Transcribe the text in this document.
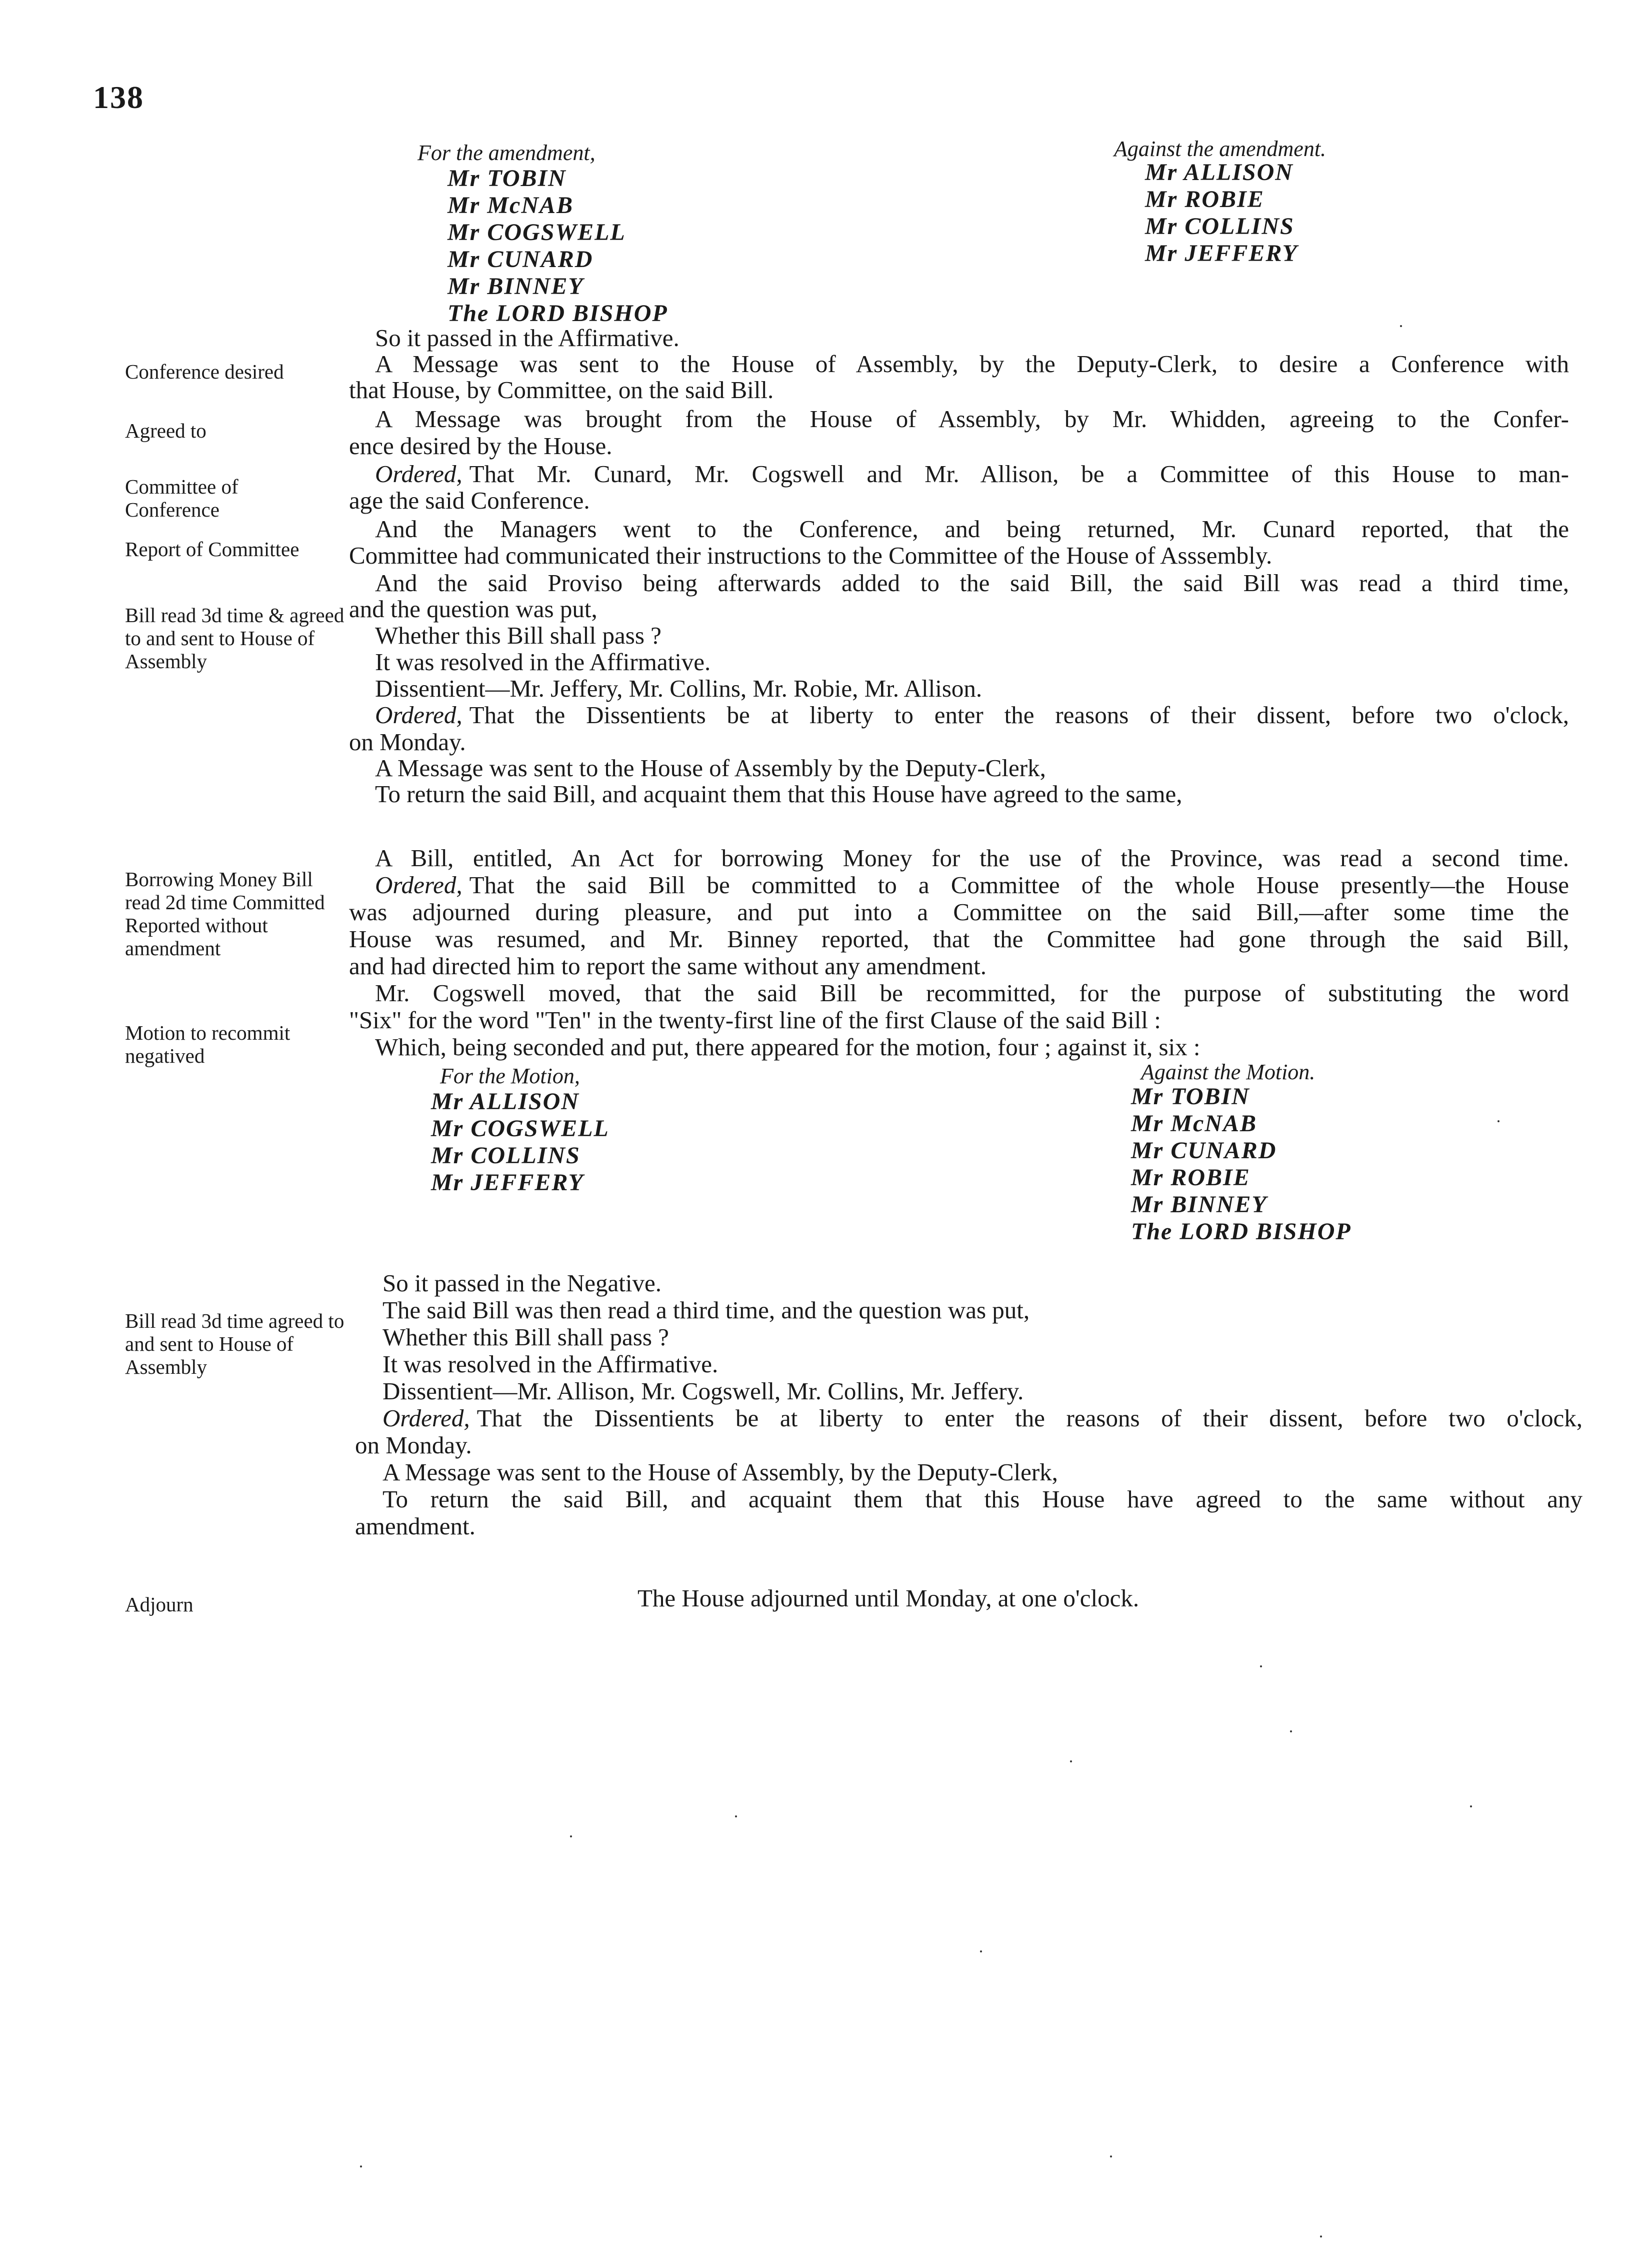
138
For the amendment,
Mr TOBIN
Mr McNAB
Mr COGSWELL
Mr CUNARD
Mr BINNEY
The LORD BISHOP
Against the amendment.
Mr ALLISON
Mr ROBIE
Mr COLLINS
Mr JEFFERY
Conference desired
Agreed to
Committee of Conference
Report of Committee
Bill read 3d time & agreed to and sent to House of Assembly
Borrowing Money Bill read 2d time Committed Reported without amendment
Motion to recommit negatived
Bill read 3d time agreed to and sent to House of Assembly
Adjourn
So it passed in the Affirmative.
A Message was sent to the House of Assembly, by the Deputy-Clerk, to desire a Conference with
that House, by Committee, on the said Bill.
A Message was brought from the House of Assembly, by Mr. Whidden, agreeing to the Confer-
ence desired by the House.
Ordered, That Mr. Cunard, Mr. Cogswell and Mr. Allison, be a Committee of this House to man-
age the said Conference.
And the Managers went to the Conference, and being returned, Mr. Cunard reported, that the
Committee had communicated their instructions to the Committee of the House of Asssembly.
And the said Proviso being afterwards added to the said Bill, the said Bill was read a third time,
and the question was put,
Whether this Bill shall pass ?
It was resolved in the Affirmative.
Dissentient—Mr. Jeffery, Mr. Collins, Mr. Robie, Mr. Allison.
Ordered, That the Dissentients be at liberty to enter the reasons of their dissent, before two o'clock,
on Monday.
A Message was sent to the House of Assembly by the Deputy-Clerk,
To return the said Bill, and acquaint them that this House have agreed to the same,
A Bill, entitled, An Act for borrowing Money for the use of the Province, was read a second time.
Ordered, That the said Bill be committed to a Committee of the whole House presently—the House
was adjourned during pleasure, and put into a Committee on the said Bill,—after some time the
House was resumed, and Mr. Binney reported, that the Committee had gone through the said Bill,
and had directed him to report the same without any amendment.
Mr. Cogswell moved, that the said Bill be recommitted, for the purpose of substituting the word
"Six" for the word "Ten" in the twenty-first line of the first Clause of the said Bill :
Which, being seconded and put, there appeared for the motion, four ; against it, six :
For the Motion,
Mr ALLISON
Mr COGSWELL
Mr COLLINS
Mr JEFFERY
Against the Motion.
Mr TOBIN
Mr McNAB
Mr CUNARD
Mr ROBIE
Mr BINNEY
The LORD BISHOP
So it passed in the Negative.
The said Bill was then read a third time, and the question was put,
Whether this Bill shall pass ?
It was resolved in the Affirmative.
Dissentient—Mr. Allison, Mr. Cogswell, Mr. Collins, Mr. Jeffery.
Ordered, That the Dissentients be at liberty to enter the reasons of their dissent, before two o'clock,
on Monday.
A Message was sent to the House of Assembly, by the Deputy-Clerk,
To return the said Bill, and acquaint them that this House have agreed to the same without any
amendment.
The House adjourned until Monday, at one o'clock.
